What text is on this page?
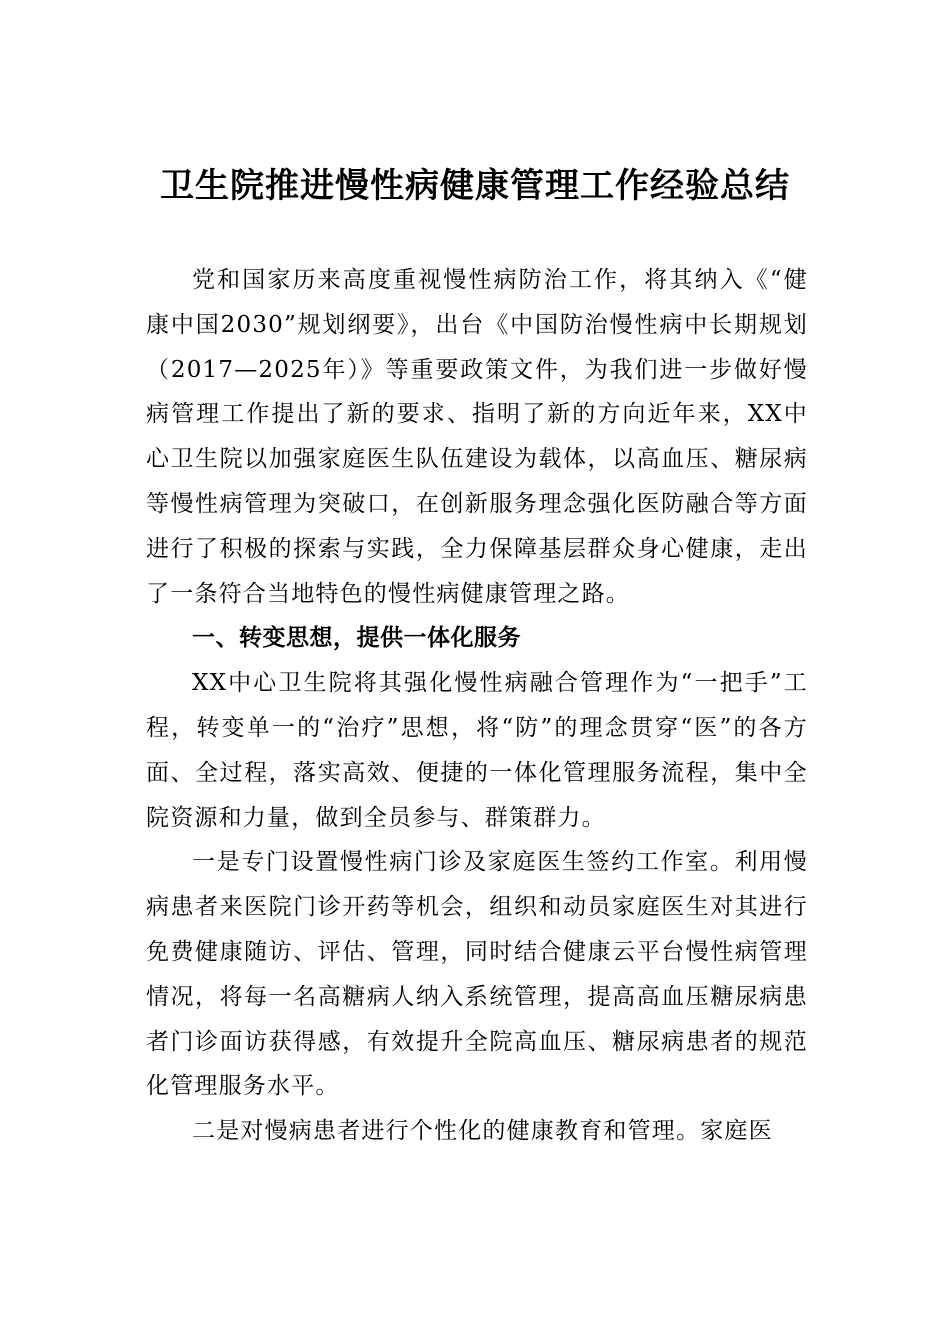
卫生院推进慢性病健康管理工作经验总结

党和国家历来高度重视慢性病防治工作，将其纳入《“健康中国2030”规划纲要》，出台《中国防治慢性病中长期规划（2017—2025年）》等重要政策文件，为我们进一步做好慢病管理工作提出了新的要求、指明了新的方向近年来，XX中心卫生院以加强家庭医生队伍建设为载体，以高血压、糖尿病等慢性病管理为突破口，在创新服务理念强化医防融合等方面进行了积极的探索与实践，全力保障基层群众身心健康，走出了一条符合当地特色的慢性病健康管理之路。

一、转变思想，提供一体化服务

XX中心卫生院将其强化慢性病融合管理作为“一把手”工程，转变单一的“治疗”思想，将“防”的理念贯穿“医”的各方面、全过程，落实高效、便捷的一体化管理服务流程，集中全院资源和力量，做到全员参与、群策群力。

一是专门设置慢性病门诊及家庭医生签约工作室。利用慢病患者来医院门诊开药等机会，组织和动员家庭医生对其进行免费健康随访、评估、管理，同时结合健康云平台慢性病管理情况，将每一名高糖病人纳入系统管理，提高高血压糖尿病患者门诊面访获得感，有效提升全院高血压、糖尿病患者的规范化管理服务水平。

二是对慢病患者进行个性化的健康教育和管理。家庭医
